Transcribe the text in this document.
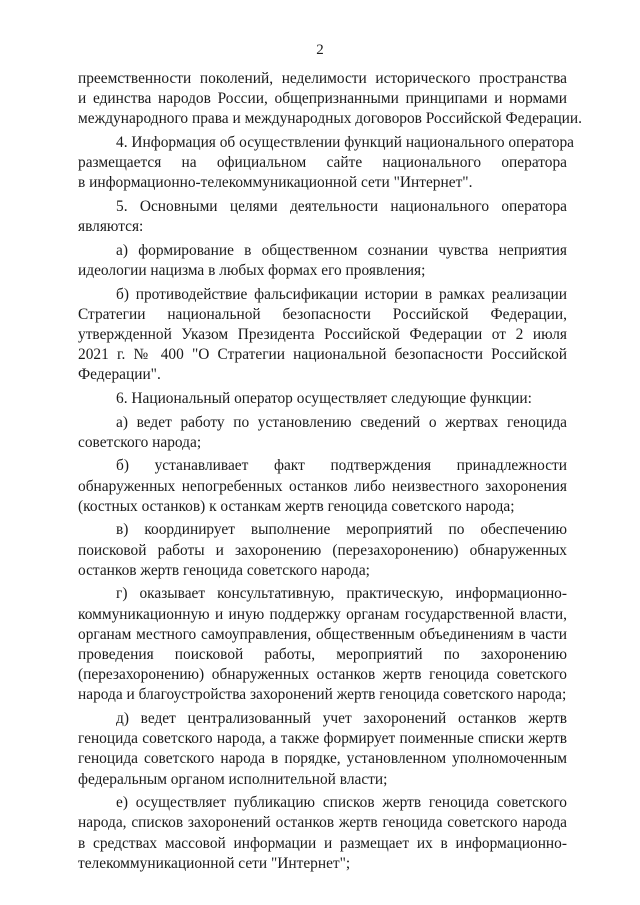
2
преемственности поколений, неделимости исторического пространства
и единства народов России, общепризнанными принципами и нормами
международного права и международных договоров Российской Федерации.
4. Информация об осуществлении функций национального оператора
размещается на официальном сайте национального оператора
в информационно-телекоммуникационной сети "Интернет".
5. Основными целями деятельности национального оператора
являются:
а) формирование в общественном сознании чувства неприятия
идеологии нацизма в любых формах его проявления;
б) противодействие фальсификации истории в рамках реализации
Стратегии национальной безопасности Российской Федерации,
утвержденной Указом Президента Российской Федерации от 2 июля
2021 г. № 400 "О Стратегии национальной безопасности Российской
Федерации".
6. Национальный оператор осуществляет следующие функции:
а) ведет работу по установлению сведений о жертвах геноцида
советского народа;
б) устанавливает факт подтверждения принадлежности
обнаруженных непогребенных останков либо неизвестного захоронения
(костных останков) к останкам жертв геноцида советского народа;
в) координирует выполнение мероприятий по обеспечению
поисковой работы и захоронению (перезахоронению) обнаруженных
останков жертв геноцида советского народа;
г) оказывает консультативную, практическую, информационно-
коммуникационную и иную поддержку органам государственной власти,
органам местного самоуправления, общественным объединениям в части
проведения поисковой работы, мероприятий по захоронению
(перезахоронению) обнаруженных останков жертв геноцида советского
народа и благоустройства захоронений жертв геноцида советского народа;
д) ведет централизованный учет захоронений останков жертв
геноцида советского народа, а также формирует поименные списки жертв
геноцида советского народа в порядке, установленном уполномоченным
федеральным органом исполнительной власти;
е) осуществляет публикацию списков жертв геноцида советского
народа, списков захоронений останков жертв геноцида советского народа
в средствах массовой информации и размещает их в информационно-
телекоммуникационной сети "Интернет";
